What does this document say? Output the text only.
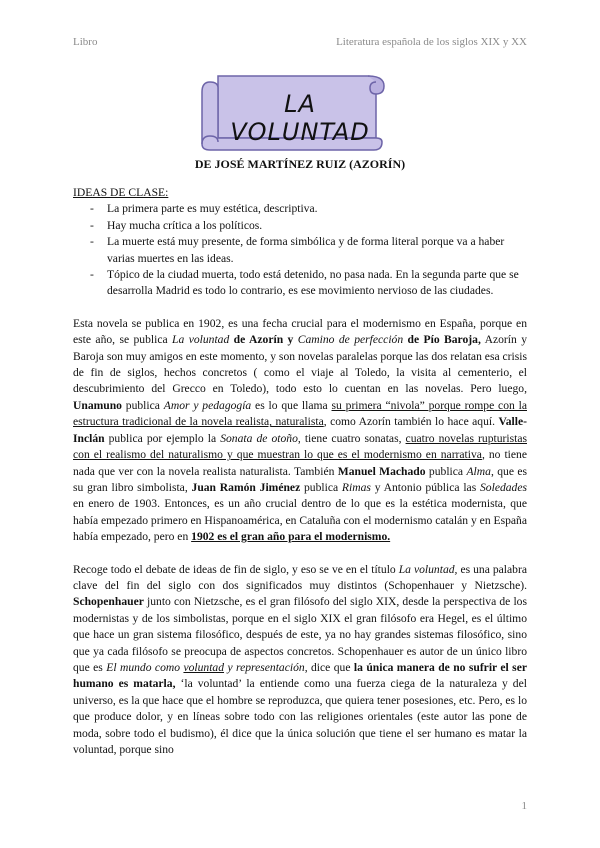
Libro	Literatura española de los siglos XIX y XX
LA VOLUNTAD
DE JOSÉ MARTÍNEZ RUIZ (AZORÍN)
IDEAS DE CLASE:
- La primera parte es muy estética, descriptiva.
- Hay mucha crítica a los políticos.
- La muerte está muy presente, de forma simbólica y de forma literal porque va a haber varias muertes en las ideas.
- Tópico de la ciudad muerta, todo está detenido, no pasa nada. En la segunda parte que se desarrolla Madrid es todo lo contrario, es ese movimiento nervioso de las ciudades.

Esta novela se publica en 1902, es una fecha crucial para el modernismo en España, porque en este año, se publica La voluntad de Azorín y Camino de perfección de Pío Baroja, Azorín y Baroja son muy amigos en este momento, y son novelas paralelas porque las dos relatan esa crisis de fin de siglos, hechos concretos ( como el viaje al Toledo, la visita al cementerio, el descubrimiento del Grecco en Toledo), todo esto lo cuentan en las novelas. Pero luego, Unamuno publica Amor y pedagogía es lo que llama su primera “nivola” porque rompe con la estructura tradicional de la novela realista, naturalista, como Azorín también lo hace aquí. Valle-Inclán publica por ejemplo la Sonata de otoño, tiene cuatro sonatas, cuatro novelas rupturistas con el realismo del naturalismo y que muestran lo que es el modernismo en narrativa, no tiene nada que ver con la novela realista naturalista. También Manuel Machado publica Alma, que es su gran libro simbolista, Juan Ramón Jiménez publica Rimas y Antonio públicа las Soledades en enero de 1903. Entonces, es un año crucial dentro de lo que es la estética modernista, que había empezado primero en Hispanoamérica, en Cataluña con el modernismo catalán y en España había empezado, pero en 1902 es el gran año para el modernismo.

Recoge todo el debate de ideas de fin de siglo, y eso se ve en el título La voluntad, es una palabra clave del fin del siglo con dos significados muy distintos (Schopenhauer y Nietzsche). Schopenhauer junto con Nietzsche, es el gran filósofo del siglo XIX, desde la perspectiva de los modernistas y de los simbolistas, porque en el siglo XIX el gran filósofo era Hegel, es el último que hace un gran sistema filosófico, después de este, ya no hay grandes sistemas filosófico, sino que ya cada filósofo se preocupa de aspectos concretos. Schopenhauer es autor de un único libro que es El mundo como voluntad y representación, dice que la única manera de no sufrir el ser humano es matarla, ‘la voluntad’ la entiende como una fuerza ciega de la naturaleza y del universo, es la que hace que el hombre se reproduzca, que quiera tener posesiones, etc. Pero, es lo que produce dolor, y en líneas sobre todo con las religiones orientales (este autor las pone de moda, sobre todo el budismo), él dice que la única solución que tiene el ser humano es matar la voluntad, porque sino

1
